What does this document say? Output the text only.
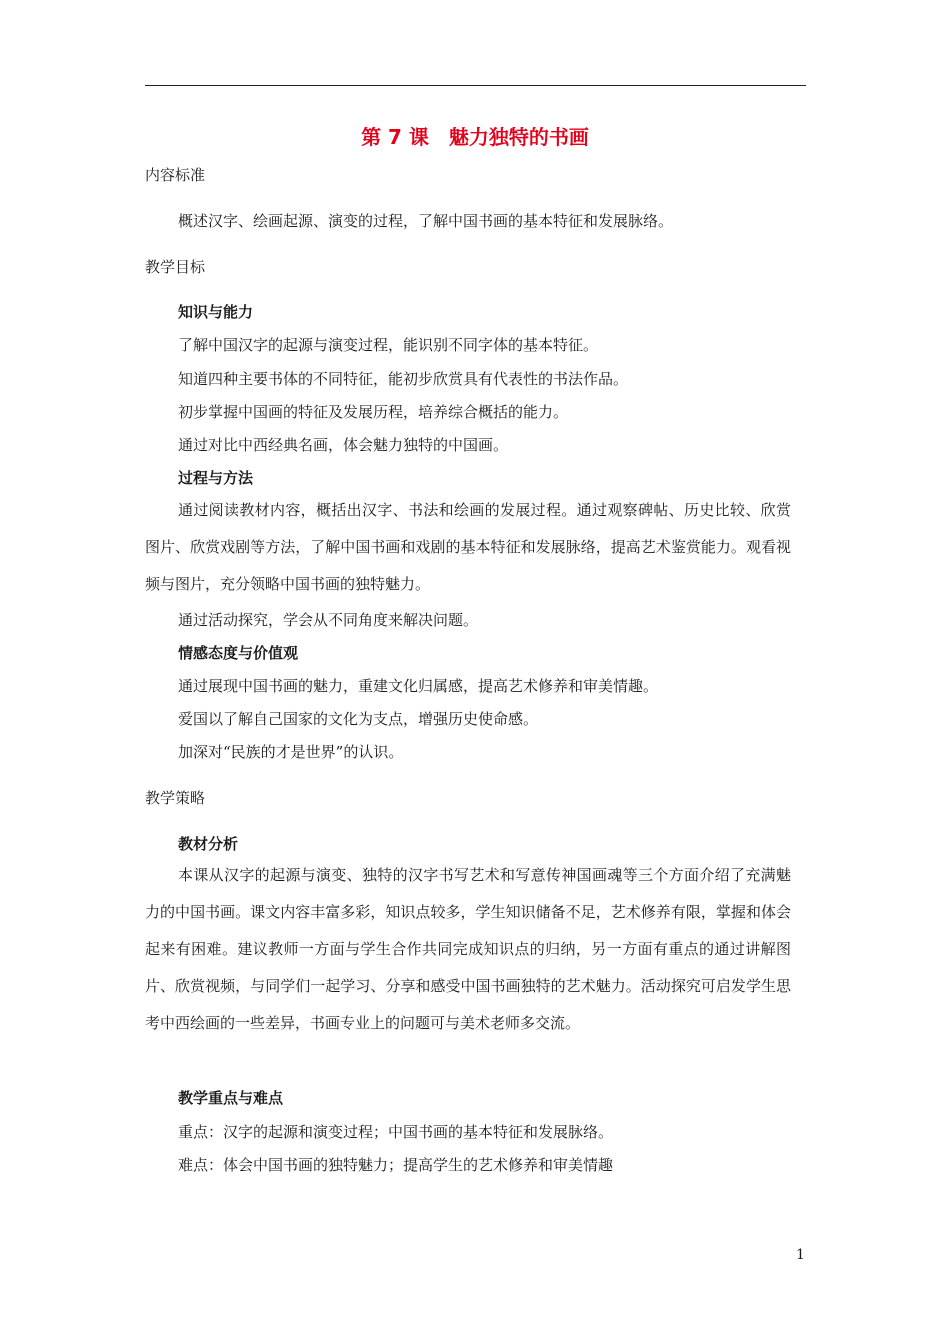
第 7 课　魅力独特的书画
内容标准
概述汉字、绘画起源、演变的过程，了解中国书画的基本特征和发展脉络。
教学目标
知识与能力
了解中国汉字的起源与演变过程，能识别不同字体的基本特征。
知道四种主要书体的不同特征，能初步欣赏具有代表性的书法作品。
初步掌握中国画的特征及发展历程，培养综合概括的能力。
通过对比中西经典名画，体会魅力独特的中国画。
过程与方法
通过阅读教材内容，概括出汉字、书法和绘画的发展过程。通过观察碑帖、历史比较、欣赏图片、欣赏戏剧等方法，了解中国书画和戏剧的基本特征和发展脉络，提高艺术鉴赏能力。观看视频与图片，充分领略中国书画的独特魅力。
通过活动探究，学会从不同角度来解决问题。
情感态度与价值观
通过展现中国书画的魅力，重建文化归属感，提高艺术修养和审美情趣。
爱国以了解自己国家的文化为支点，增强历史使命感。
加深对“民族的才是世界”的认识。
教学策略
教材分析
本课从汉字的起源与演变、独特的汉字书写艺术和写意传神国画魂等三个方面介绍了充满魅力的中国书画。课文内容丰富多彩，知识点较多，学生知识储备不足，艺术修养有限，掌握和体会起来有困难。建议教师一方面与学生合作共同完成知识点的归纳，另一方面有重点的通过讲解图片、欣赏视频，与同学们一起学习、分享和感受中国书画独特的艺术魅力。活动探究可启发学生思考中西绘画的一些差异，书画专业上的问题可与美术老师多交流。
教学重点与难点
重点：汉字的起源和演变过程；中国书画的基本特征和发展脉络。
难点：体会中国书画的独特魅力；提高学生的艺术修养和审美情趣
1
